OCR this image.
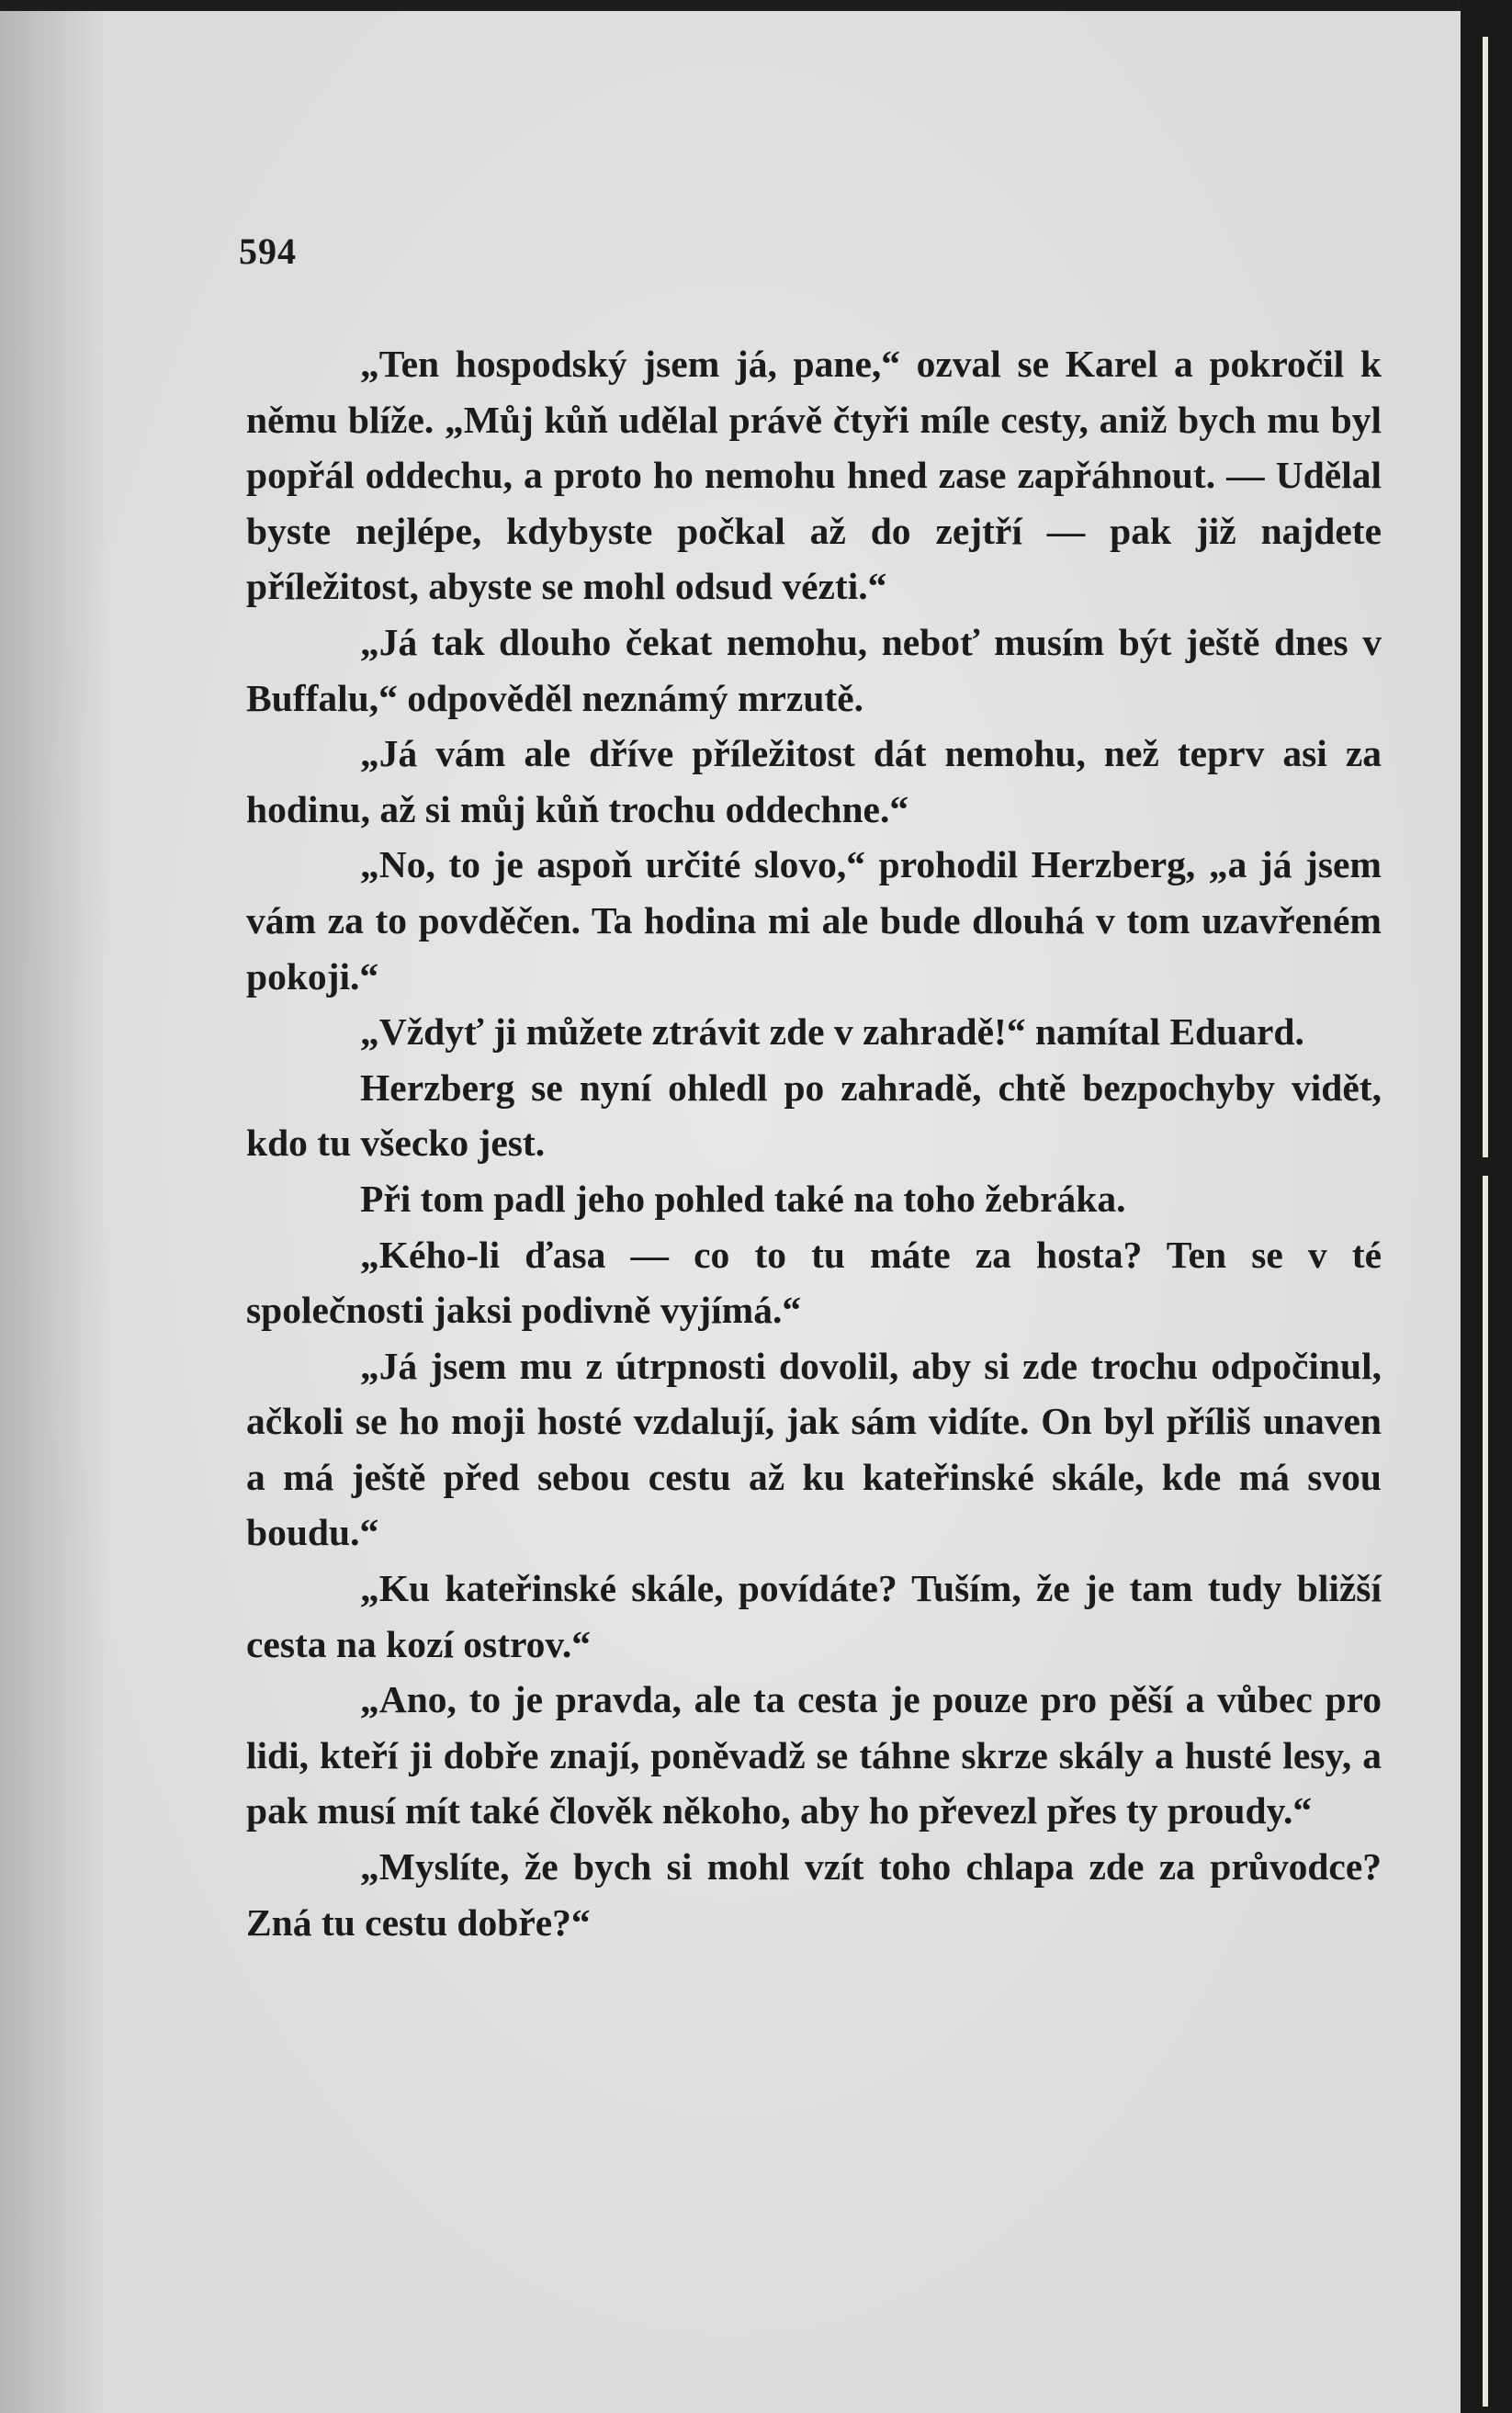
594

„Ten hospodský jsem já, pane,“ ozval se Karel a pokročil k němu blíže. „Můj kůň udělal právě čtyři míle cesty, aniž bych mu byl popřál oddechu, a proto ho nemohu hned zase zapřáhnout. — Udělal byste nejlépe, kdybyste počkal až do zejtří — pak již najdete příležitost, abyste se mohl odsud vézti.“

„Já tak dlouho čekat nemohu, neboť musím být ještě dnes v Buffalu,“ odpověděl neznámý mrzutě.

„Já vám ale dříve příležitost dát nemohu, než teprv asi za hodinu, až si můj kůň trochu oddechne.“

„No, to je aspoň určité slovo,“ prohodil Herzberg, „a já jsem vám za to povděčen. Ta hodina mi ale bude dlouhá v tom uzavřeném pokoji.“

„Vždyť ji můžete ztrávit zde v zahradě!“ namítal Eduard.

Herzberg se nyní ohledl po zahradě, chtě bezpochyby vidět, kdo tu všecko jest.

Při tom padl jeho pohled také na toho žebráka.

„Kého-li ďasa — co to tu máte za hosta? Ten se v té společnosti jaksi podivně vyjímá.“

„Já jsem mu z útrpnosti dovolil, aby si zde trochu odpočinul, ačkoli se ho moji hosté vzdalují, jak sám vidíte. On byl příliš unaven a má ještě před sebou cestu až ku kateřinské skále, kde má svou boudu.“

„Ku kateřinské skále, povídáte? Tuším, že je tam tudy bližší cesta na kozí ostrov.“

„Ano, to je pravda, ale ta cesta je pouze pro pěší a vůbec pro lidi, kteří ji dobře znají, poněvadž se táhne skrze skály a husté lesy, a pak musí mít také člověk někoho, aby ho převezl přes ty proudy.“

„Myslíte, že bych si mohl vzít toho chlapa zde za průvodce? Zná tu cestu dobře?“
